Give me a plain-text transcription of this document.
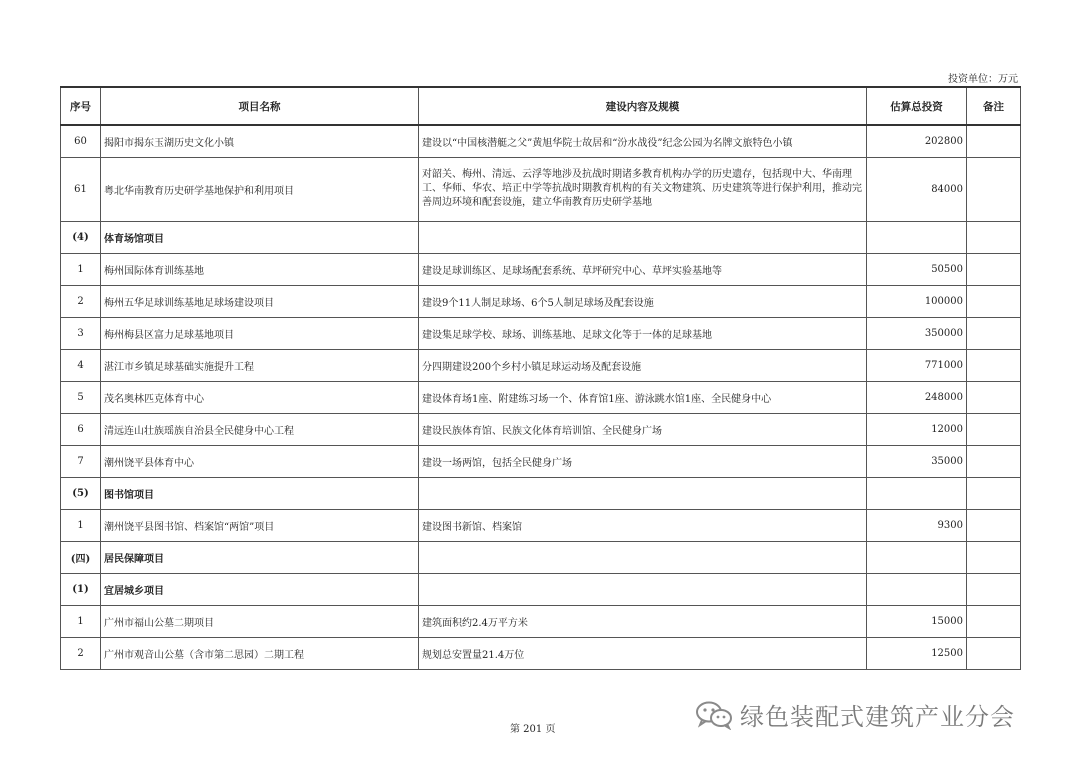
投资单位：万元
序号	项目名称	建设内容及规模	估算总投资	备注
60	揭阳市揭东玉湖历史文化小镇	建设以“中国核潜艇之父”黄旭华院士故居和“汾水战役”纪念公园为名牌文旅特色小镇	202800	
61	粤北华南教育历史研学基地保护和利用项目	对韶关、梅州、清远、云浮等地涉及抗战时期诸多教育机构办学的历史遗存，包括现中大、华南理工、华师、华农、培正中学等抗战时期教育机构的有关文物建筑、历史建筑等进行保护利用，推动完善周边环境和配套设施，建立华南教育历史研学基地	84000	
(4)	体育场馆项目			
1	梅州国际体育训练基地	建设足球训练区、足球场配套系统、草坪研究中心、草坪实验基地等	50500	
2	梅州五华足球训练基地足球场建设项目	建设9个11人制足球场、6个5人制足球场及配套设施	100000	
3	梅州梅县区富力足球基地项目	建设集足球学校、球场、训练基地、足球文化等于一体的足球基地	350000	
4	湛江市乡镇足球基础实施提升工程	分四期建设200个乡村小镇足球运动场及配套设施	771000	
5	茂名奥林匹克体育中心	建设体育场1座、附建练习场一个、体育馆1座、游泳跳水馆1座、全民健身中心	248000	
6	清远连山壮族瑶族自治县全民健身中心工程	建设民族体育馆、民族文化体育培训馆、全民健身广场	12000	
7	潮州饶平县体育中心	建设一场两馆，包括全民健身广场	35000	
(5)	图书馆项目			
1	潮州饶平县图书馆、档案馆“两馆”项目	建设图书新馆、档案馆	9300	
(四)	居民保障项目			
(1)	宜居城乡项目			
1	广州市福山公墓二期项目	建筑面积约2.4万平方米	15000	
2	广州市观音山公墓（含市第二思园）二期工程	规划总安置量21.4万位	12500	
第 201 页	绿色装配式建筑产业分会
